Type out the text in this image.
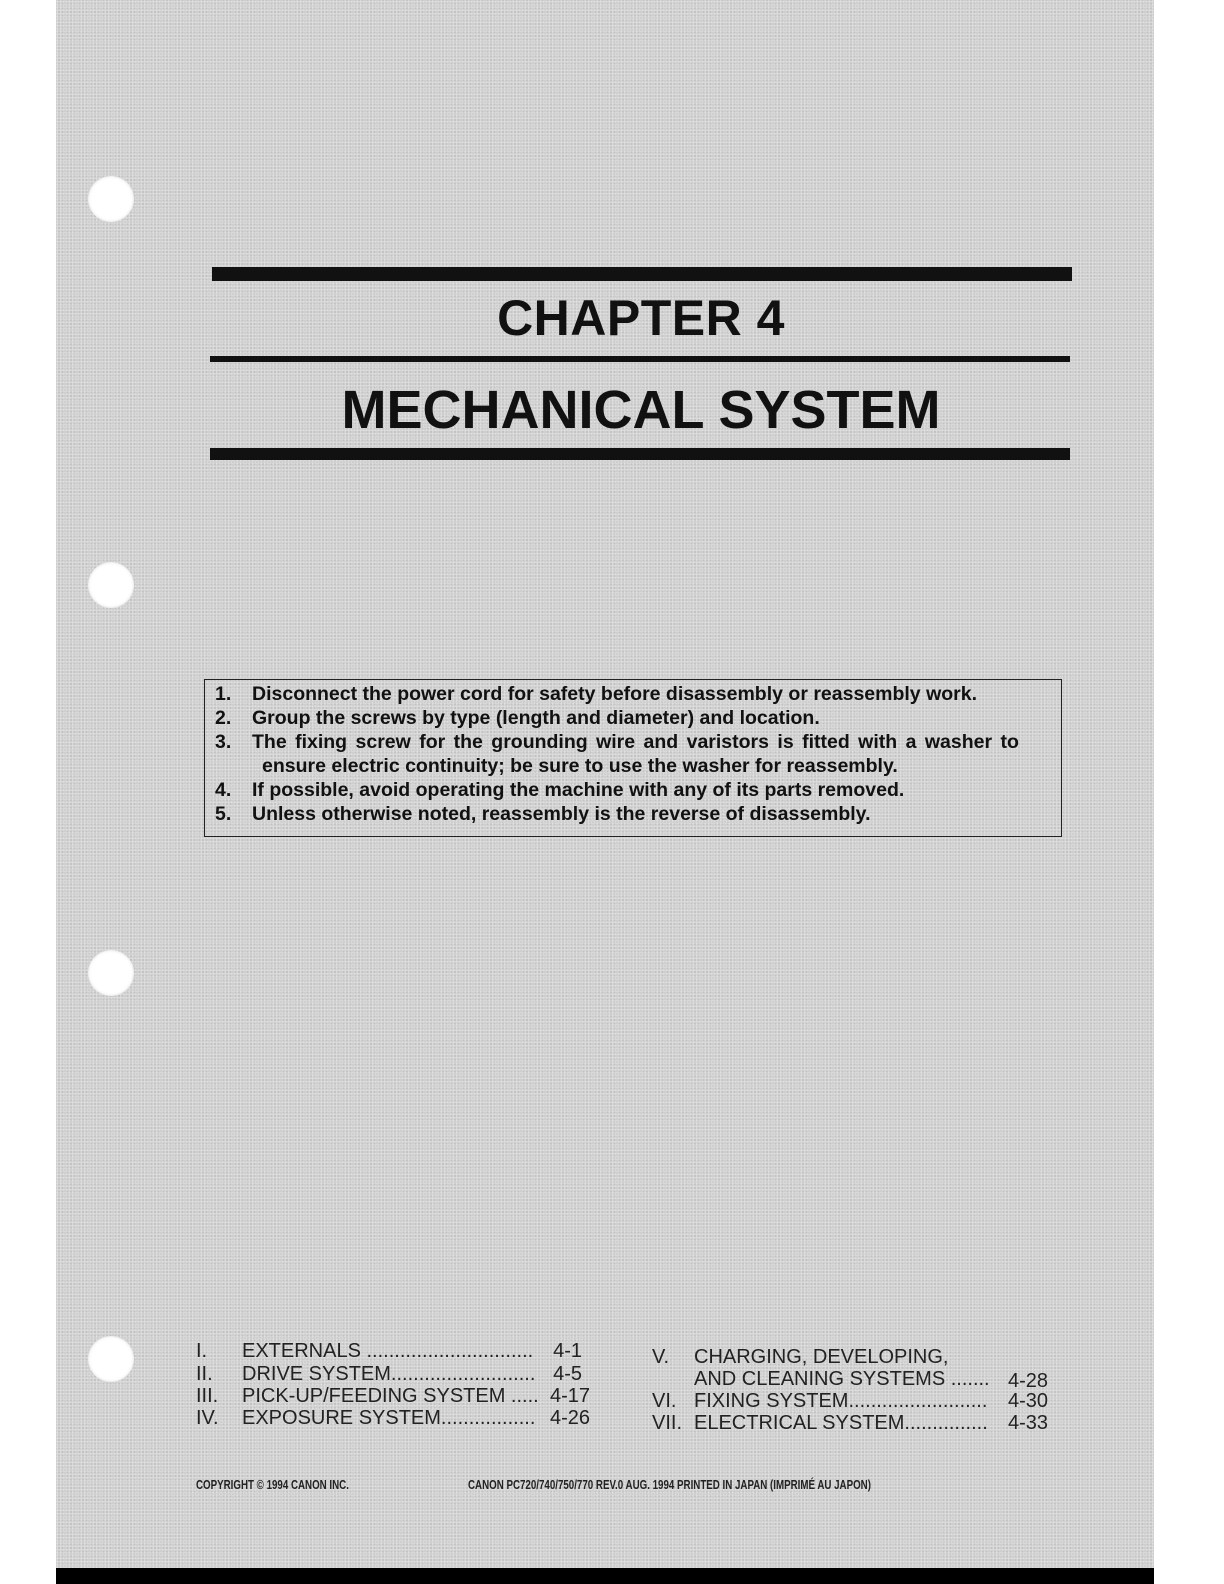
CHAPTER 4
MECHANICAL SYSTEM
1. Disconnect the power cord for safety before disassembly or reassembly work.
2. Group the screws by type (length and diameter) and location.
3. The fixing screw for the grounding wire and varistors is fitted with a washer to
ensure electric continuity; be sure to use the washer for reassembly.
4. If possible, avoid operating the machine with any of its parts removed.
5. Unless otherwise noted, reassembly is the reverse of disassembly.
I. EXTERNALS .............................. 4-1
II. DRIVE SYSTEM.......................... 4-5
III. PICK-UP/FEEDING SYSTEM ..... 4-17
IV. EXPOSURE SYSTEM................. 4-26
V. CHARGING, DEVELOPING,
AND CLEANING SYSTEMS ....... 4-28
VI. FIXING SYSTEM......................... 4-30
VII. ELECTRICAL SYSTEM............... 4-33
COPYRIGHT © 1994 CANON INC.	CANON PC720/740/750/770 REV.0 AUG. 1994 PRINTED IN JAPAN (IMPRIMÉ AU JAPON)
